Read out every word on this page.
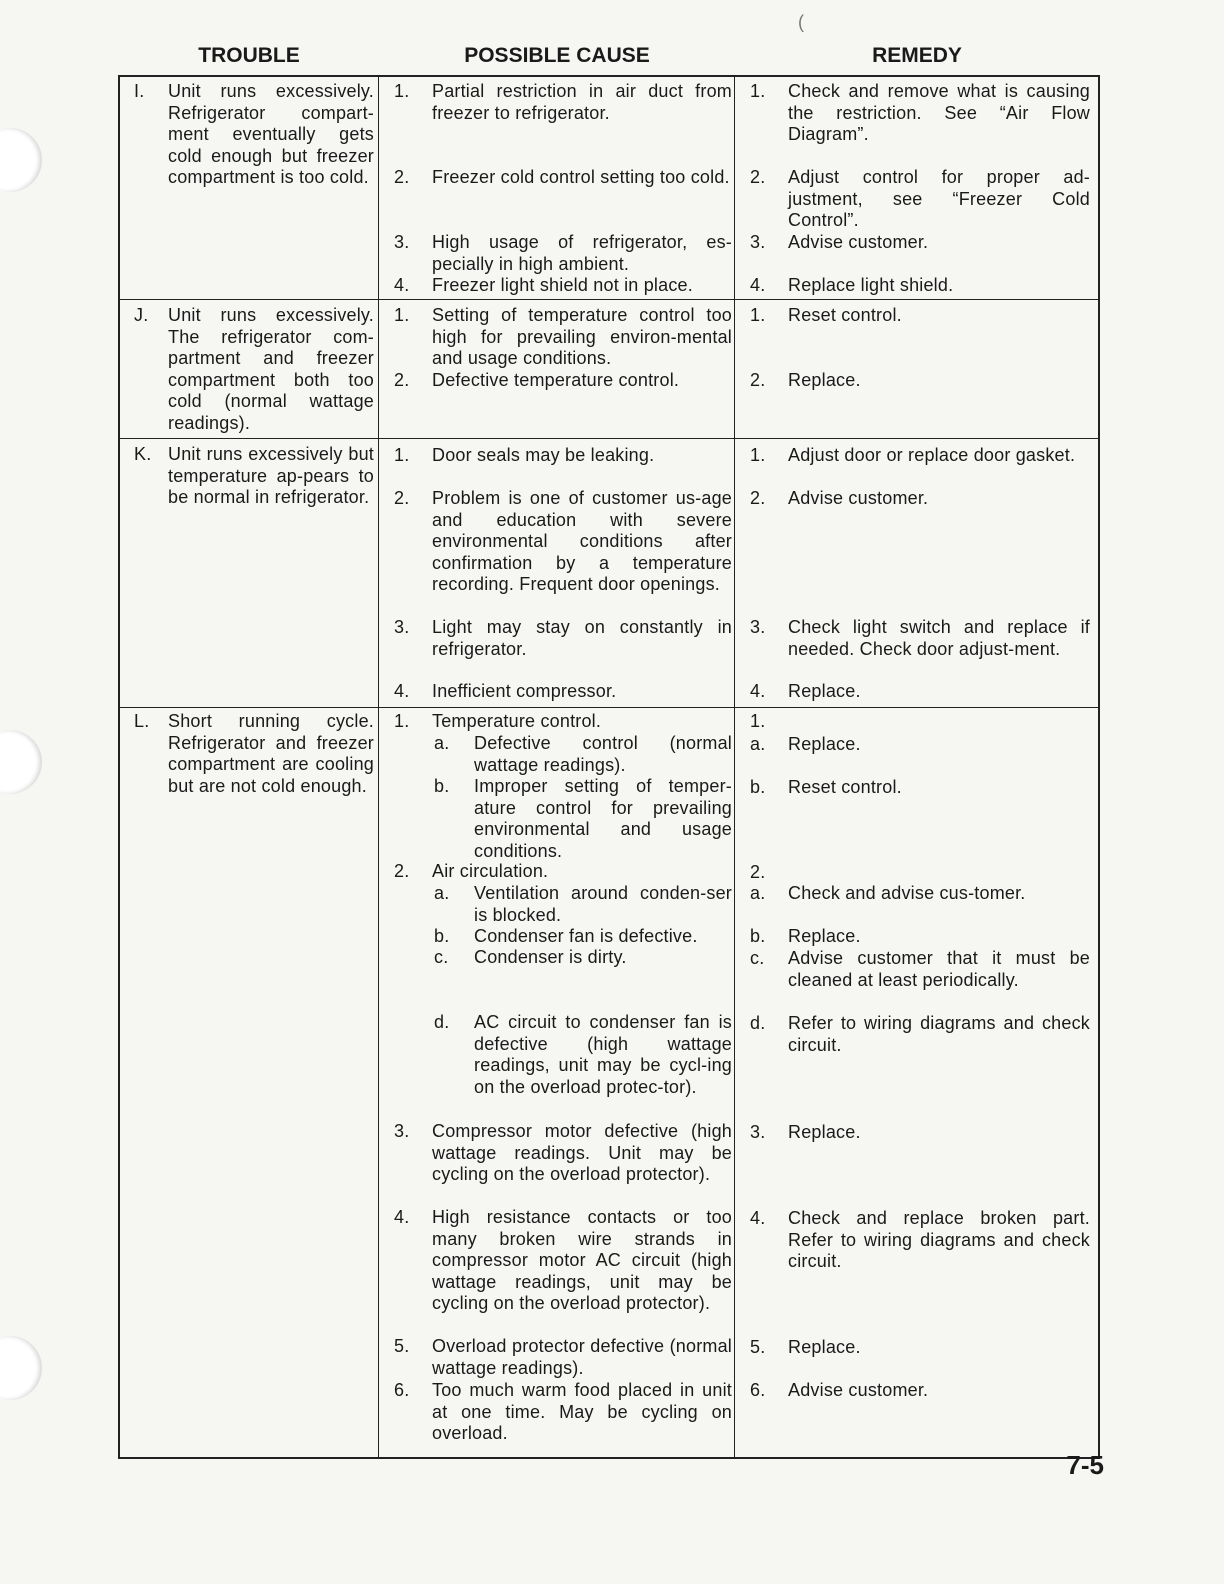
(
TROUBLE	POSSIBLE CAUSE	REMEDY
I. Unit runs excessively. Refrigerator compart-ment eventually gets cold enough but freezer compartment is too cold.
1. Partial restriction in air duct from freezer to refrigerator.
2. Freezer cold control setting too cold.
3. High usage of refrigerator, es-pecially in high ambient.
4. Freezer light shield not in place.
1. Check and remove what is causing the restriction. See “Air Flow Diagram”.
2. Adjust control for proper ad-justment, see “Freezer Cold Control”.
3. Advise customer.
4. Replace light shield.
J. Unit runs excessively. The refrigerator com-partment and freezer compartment both too cold (normal wattage readings).
1. Setting of temperature control too high for prevailing environ-mental and usage conditions.
2. Defective temperature control.
1. Reset control.
2. Replace.
K. Unit runs excessively but temperature ap-pears to be normal in refrigerator.
1. Door seals may be leaking.
2. Problem is one of customer us-age and education with severe environmental conditions after confirmation by a temperature recording. Frequent door openings.
3. Light may stay on constantly in refrigerator.
4. Inefficient compressor.
1. Adjust door or replace door gasket.
2. Advise customer.
3. Check light switch and replace if needed. Check door adjust-ment.
4. Replace.
L. Short running cycle. Refrigerator and freezer compartment are cooling but are not cold enough.
1. Temperature control.
a. Defective control (normal wattage readings).
b. Improper setting of temper-ature control for prevailing environmental and usage conditions.
2. Air circulation.
a. Ventilation around conden-ser is blocked.
b. Condenser fan is defective.
c. Condenser is dirty.
d. AC circuit to condenser fan is defective (high wattage readings, unit may be cycl-ing on the overload protec-tor).
3. Compressor motor defective (high wattage readings. Unit may be cycling on the overload protector).
4. High resistance contacts or too many broken wire strands in compressor motor AC circuit (high wattage readings, unit may be cycling on the overload protector).
5. Overload protector defective (normal wattage readings).
6. Too much warm food placed in unit at one time. May be cycling on overload.
1.
a. Replace.
b. Reset control.
2.
a. Check and advise cus-tomer.
b. Replace.
c. Advise customer that it must be cleaned at least periodically.
d. Refer to wiring diagrams and check circuit.
3. Replace.
4. Check and replace broken part. Refer to wiring diagrams and check circuit.
5. Replace.
6. Advise customer.
7-5
